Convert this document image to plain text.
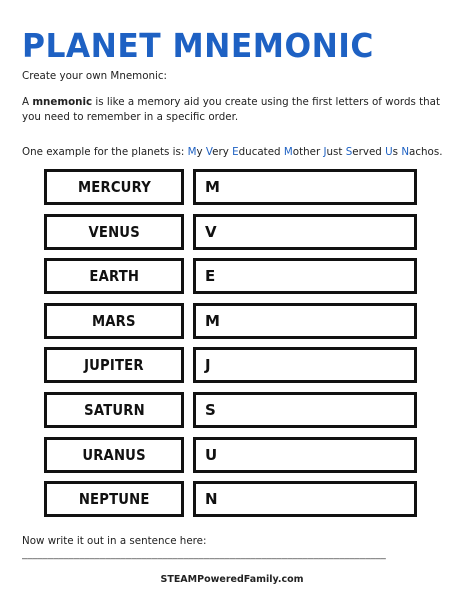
PLANET MNEMONIC

Create your own Mnemonic:

A mnemonic is like a memory aid you create using the first letters of words that you need to remember in a specific order.

One example for the planets is: My Very Educated Mother Just Served Us Nachos.

MERCURY	M
VENUS	V
EARTH	E
MARS	M
JUPITER	J
SATURN	S
URANUS	U
NEPTUNE	N

Now write it out in a sentence here:

______________________________________________________________________
STEAMPoweredFamily.com
